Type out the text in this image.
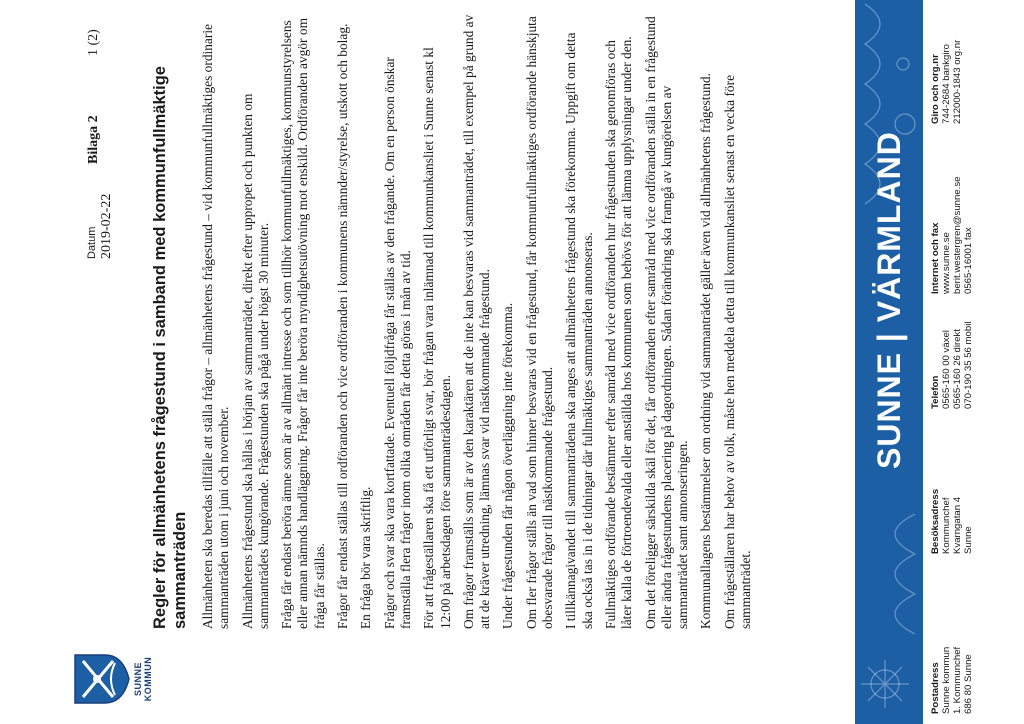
SUNNE KOMMUN
Datum 2019-02-22
Bilaga 2
1 (2)
Regler för allmänhetens frågestund i samband med kommunfullmäktige sammanträden Allmänheten ska beredas tillfälle att ställa frågor – allmänhetens frågestund – vid kommunfullmäktiges ordinarie sammanträden utom i juni och november. Allmänhetens frågestund ska hållas i början av sammanträdet, direkt efter uppropet och punkten om sammanträdets kungörande. Frågestunden ska pågå under högst 30 minuter. Fråga får endast beröra ämne som är av allmänt intresse och som tillhör kommunfullmäktiges, kommunstyrelsens eller annan nämnds handläggning. Frågor får inte beröra myndighetsutövning mot enskild. Ordföranden avgör om fråga får ställas. Frågor får endast ställas till ordföranden och vice ordföranden i kommunens nämnder/styrelse, utskott och bolag. En fråga bör vara skriftlig. Frågor och svar ska vara kortfattade. Eventuell följdfråga får ställas av den frågande. Om en person önskar framställa flera frågor inom olika områden får detta göras i mån av tid. För att frågeställaren ska få ett utförligt svar, bör frågan vara inlämnad till kommunkansliet i Sunne senast kl 12:00 på arbetsdagen före sammanträdesdagen. Om frågor framställs som är av den karaktären att de inte kan besvaras vid sammanträdet, till exempel på grund av att de kräver utredning, lämnas svar vid nästkommande frågestund. Under frågestunden får någon överläggning inte förekomma. Om fler frågor ställs än vad som hinner besvaras vid en frågestund, får kommunfullmäktiges ordförande hänskjuta obesvarade frågor till nästkommande frågestund. I tillkännagivandet till sammanträdena ska anges att allmänhetens frågestund ska förekomma. Uppgift om detta ska också tas in i de tidningar där fullmäktiges sammanträden annonseras. Fullmäktiges ordförande bestämmer efter samråd med vice ordföranden hur frågestunden ska genomföras och låter kalla de förtroendevalda eller anställda hos kommunen som behövs för att lämna upplysningar under den. Om det föreligger särskilda skäl för det, får ordföranden efter samråd med vice ordföranden ställa in en frågestund eller ändra frågestundens placering på dagordningen. Sådan förändring ska framgå av kungörelsen av sammanträdet samt annonseringen. Kommunallagens bestämmelser om ordning vid sammanträdet gäller även vid allmänhetens frågestund. Om frågeställaren har behov av tolk, måste hen meddela detta till kommunkansliet senast en vecka före sammanträdet.

SUNNE | VÄRMLAND
Postadress Sunne kommun 1. Kommunchef 686 80 Sunne
Besöksadress Kommunchef Kvarngatan 4 Sunne
Telefon 0565-160 00 växel 0565-160 26 direkt 070-190 35 56 mobil
Internet och fax www.sunne.se berit.westergren@sunne.se 0565-16001 fax
Giro och org.nr 744-2684 bankgiro 212000-1843 org.nr
